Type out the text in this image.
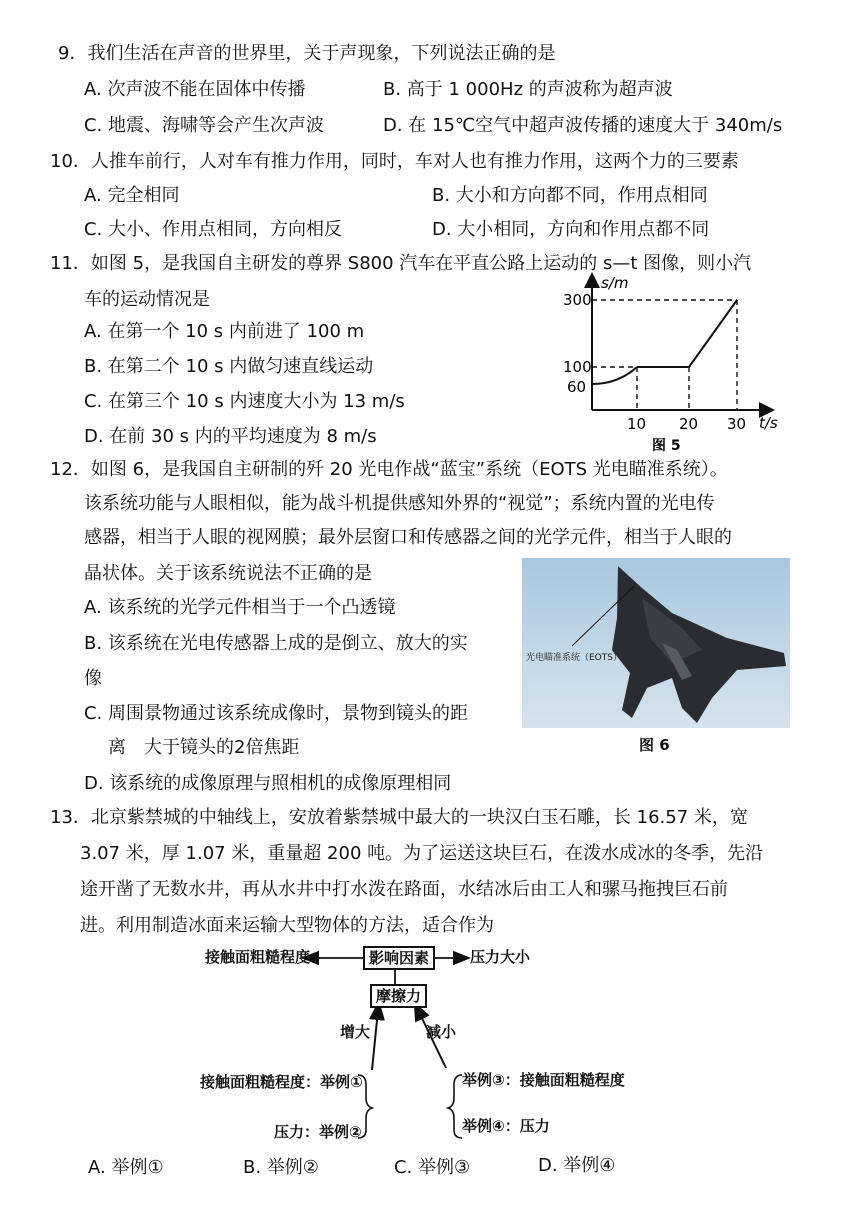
9．我们生活在声音的世界里，关于声现象，下列说法正确的是
A. 次声波不能在固体中传播	B. 高于 1 000Hz 的声波称为超声波
C. 地震、海啸等会产生次声波	D. 在 15℃空气中超声波传播的速度大于 340m/s
10．人推车前行，人对车有推力作用，同时，车对人也有推力作用，这两个力的三要素
A. 完全相同	B. 大小和方向都不同，作用点相同
C. 大小、作用点相同，方向相反	D. 大小相同，方向和作用点都不同
11．如图 5，是我国自主研发的尊界 S800 汽车在平直公路上运动的 s—t 图像，则小汽
车的运动情况是
A. 在第一个 10 s 内前进了 100 m
B. 在第二个 10 s 内做匀速直线运动
C. 在第三个 10 s 内速度大小为 13 m/s
D. 在前 30 s 内的平均速度为 8 m/s
s/m
t/s
300
100
60
10 20 30
图 5
12．如图 6，是我国自主研制的歼 20 光电作战“蓝宝”系统（EOTS 光电瞄准系统）。
该系统功能与人眼相似，能为战斗机提供感知外界的“视觉”；系统内置的光电传
感器，相当于人眼的视网膜；最外层窗口和传感器之间的光学元件，相当于人眼的
晶状体。关于该系统说法不正确的是
A. 该系统的光学元件相当于一个凸透镜
B. 该系统在光电传感器上成的是倒立、放大的实
像
C. 周围景物通过该系统成像时，景物到镜头的距
离　大于镜头的2倍焦距
D. 该系统的成像原理与照相机的成像原理相同
光电瞄准系统（EOTS）
图 6
13．北京紫禁城的中轴线上，安放着紫禁城中最大的一块汉白玉石雕，长 16.57 米，宽
3.07 米，厚 1.07 米，重量超 200 吨。为了运送这块巨石，在泼水成冰的冬季，先沿
途开凿了无数水井，再从水井中打水泼在路面，水结冰后由工人和骡马拖拽巨石前
进。利用制造冰面来运输大型物体的方法，适合作为
接触面粗糙程度	影响因素	压力大小
摩擦力
增大	减小
接触面粗糙程度：举例①
压力：举例②
举例③：接触面粗糙程度
举例④：压力
A. 举例①	B. 举例②	C. 举例③	D. 举例④
